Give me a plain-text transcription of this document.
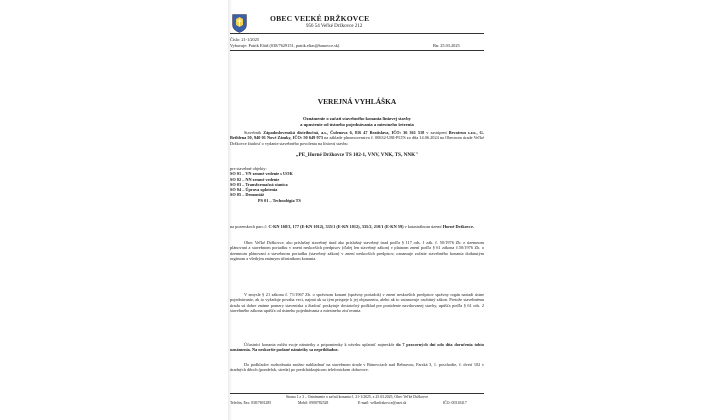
OBEC VEĽKÉ DRŽKOVCE
956 54 Veľké Držkovce 212
Číslo: 21-1/2025
Vybavuje: Patrik Eliáš (038/7629151, patrik.elias@banovce.sk)	Bn: 25.03.2025
VEREJNÁ VYHLÁŠKA
Oznámenie o začatí stavebného konania líniovej stavby
a upustenie od ústneho pojednávania a miestneho šetrenia
Stavebník Západoslovenská distribučná, a.s., Čulenova 6, 816 47 Bratislava, IČO: 36 361 518 v zastúpení Bevatrun s.r.o., G. Bethlena 50, 940 01 Nové Zámky, IČO: 50 649 973 na základe plnomocenstva č. 00632-URI-PLTS zo dňa 14.06.2024 na Obecnom úrade Veľké Držkovce žiadosť o vydanie stavebného povolenia na líniovú stavbu
„PE_Horné Držkovce TS 102-1, VNV, VNK, TS, NNK"
pre stavebné objekty:
SO 01 – VN zemné vedenie s UOK
SO 02 – NN zemné vedenie
SO 03 – Transformačná stanica
SO 04 – Úprava oplotenia
SO 05 – Demontáž
PS 01 – Technológia TS
na pozemkoch parc.č. C-KN 168/3, 177 (E-KN 1012), 335/1 (E-KN 1012), 335/2, 210/1 (E-KN 59) v katastrálnom území Horné Držkovce.
Obec Veľké Držkovce, ako príslušný stavebný úrad ako príslušný stavebný úrad podľa § 117 ods. 1 zák. č. 50/1976 Zb. o územnom plánovaní a stavebnom poriadku v znení neskorších predpisov (ďalej len stavebný zákon) v platnom znení podľa § 61 zákona č.50/1976 Zb. o územnom plánovaní a stavebnom poriadku (stavebný zákon) v znení neskorších predpisov, oznamuje začatie stavebného konania dotknutým orgánom a všetkým známym účastníkom konania.
V zmysle § 21 zákona č. 71/1967 Zb. o správnom konaní (správny poriadok) v znení neskorších predpisov správny orgán nariadi ústne pojednávanie, ak to vyžaduje povaha veci, najmä ak sa tým prispeje k jej objasneniu, alebo ak to ustanovuje osobitný zákon. Pretože stavebnému úradu sú dobre známe pomery staveniska a žiadosť poskytuje dostatočný podklad pre posúdenie navrhovanej stavby, upúšťa podľa § 61 ods. 2 stavebného zákona upúšťa od ústneho pojednávania a miestneho zisťovania.
Účastníci konania môžu svoje námietky a pripomienky k návrhu uplatniť najneskôr do 7 pracovných dní odo dňa doručenia tohto oznámenia. Na neskoršie podané námietky sa neprihliadne.
Do podkladov rozhodnutia možno nahliadnuť na stavebnom úrade v Bánovciach nad Bebravou, Farská 3, 1. poschodie, č. dverí 102 v úradných dňoch (pondelok, streda) po predchádzajúcom telefonickom dohovore.
Strana 1 z 3 – Oznámenie o začatí konania č. 21-1/2025, z 25.03.2025, Obec Veľké Držkovce
Telefón, Fax: 038/7691285	Mobil: 0908782528	E-mail: velkedrzkovce@azet.sk	IČO: 00310417
